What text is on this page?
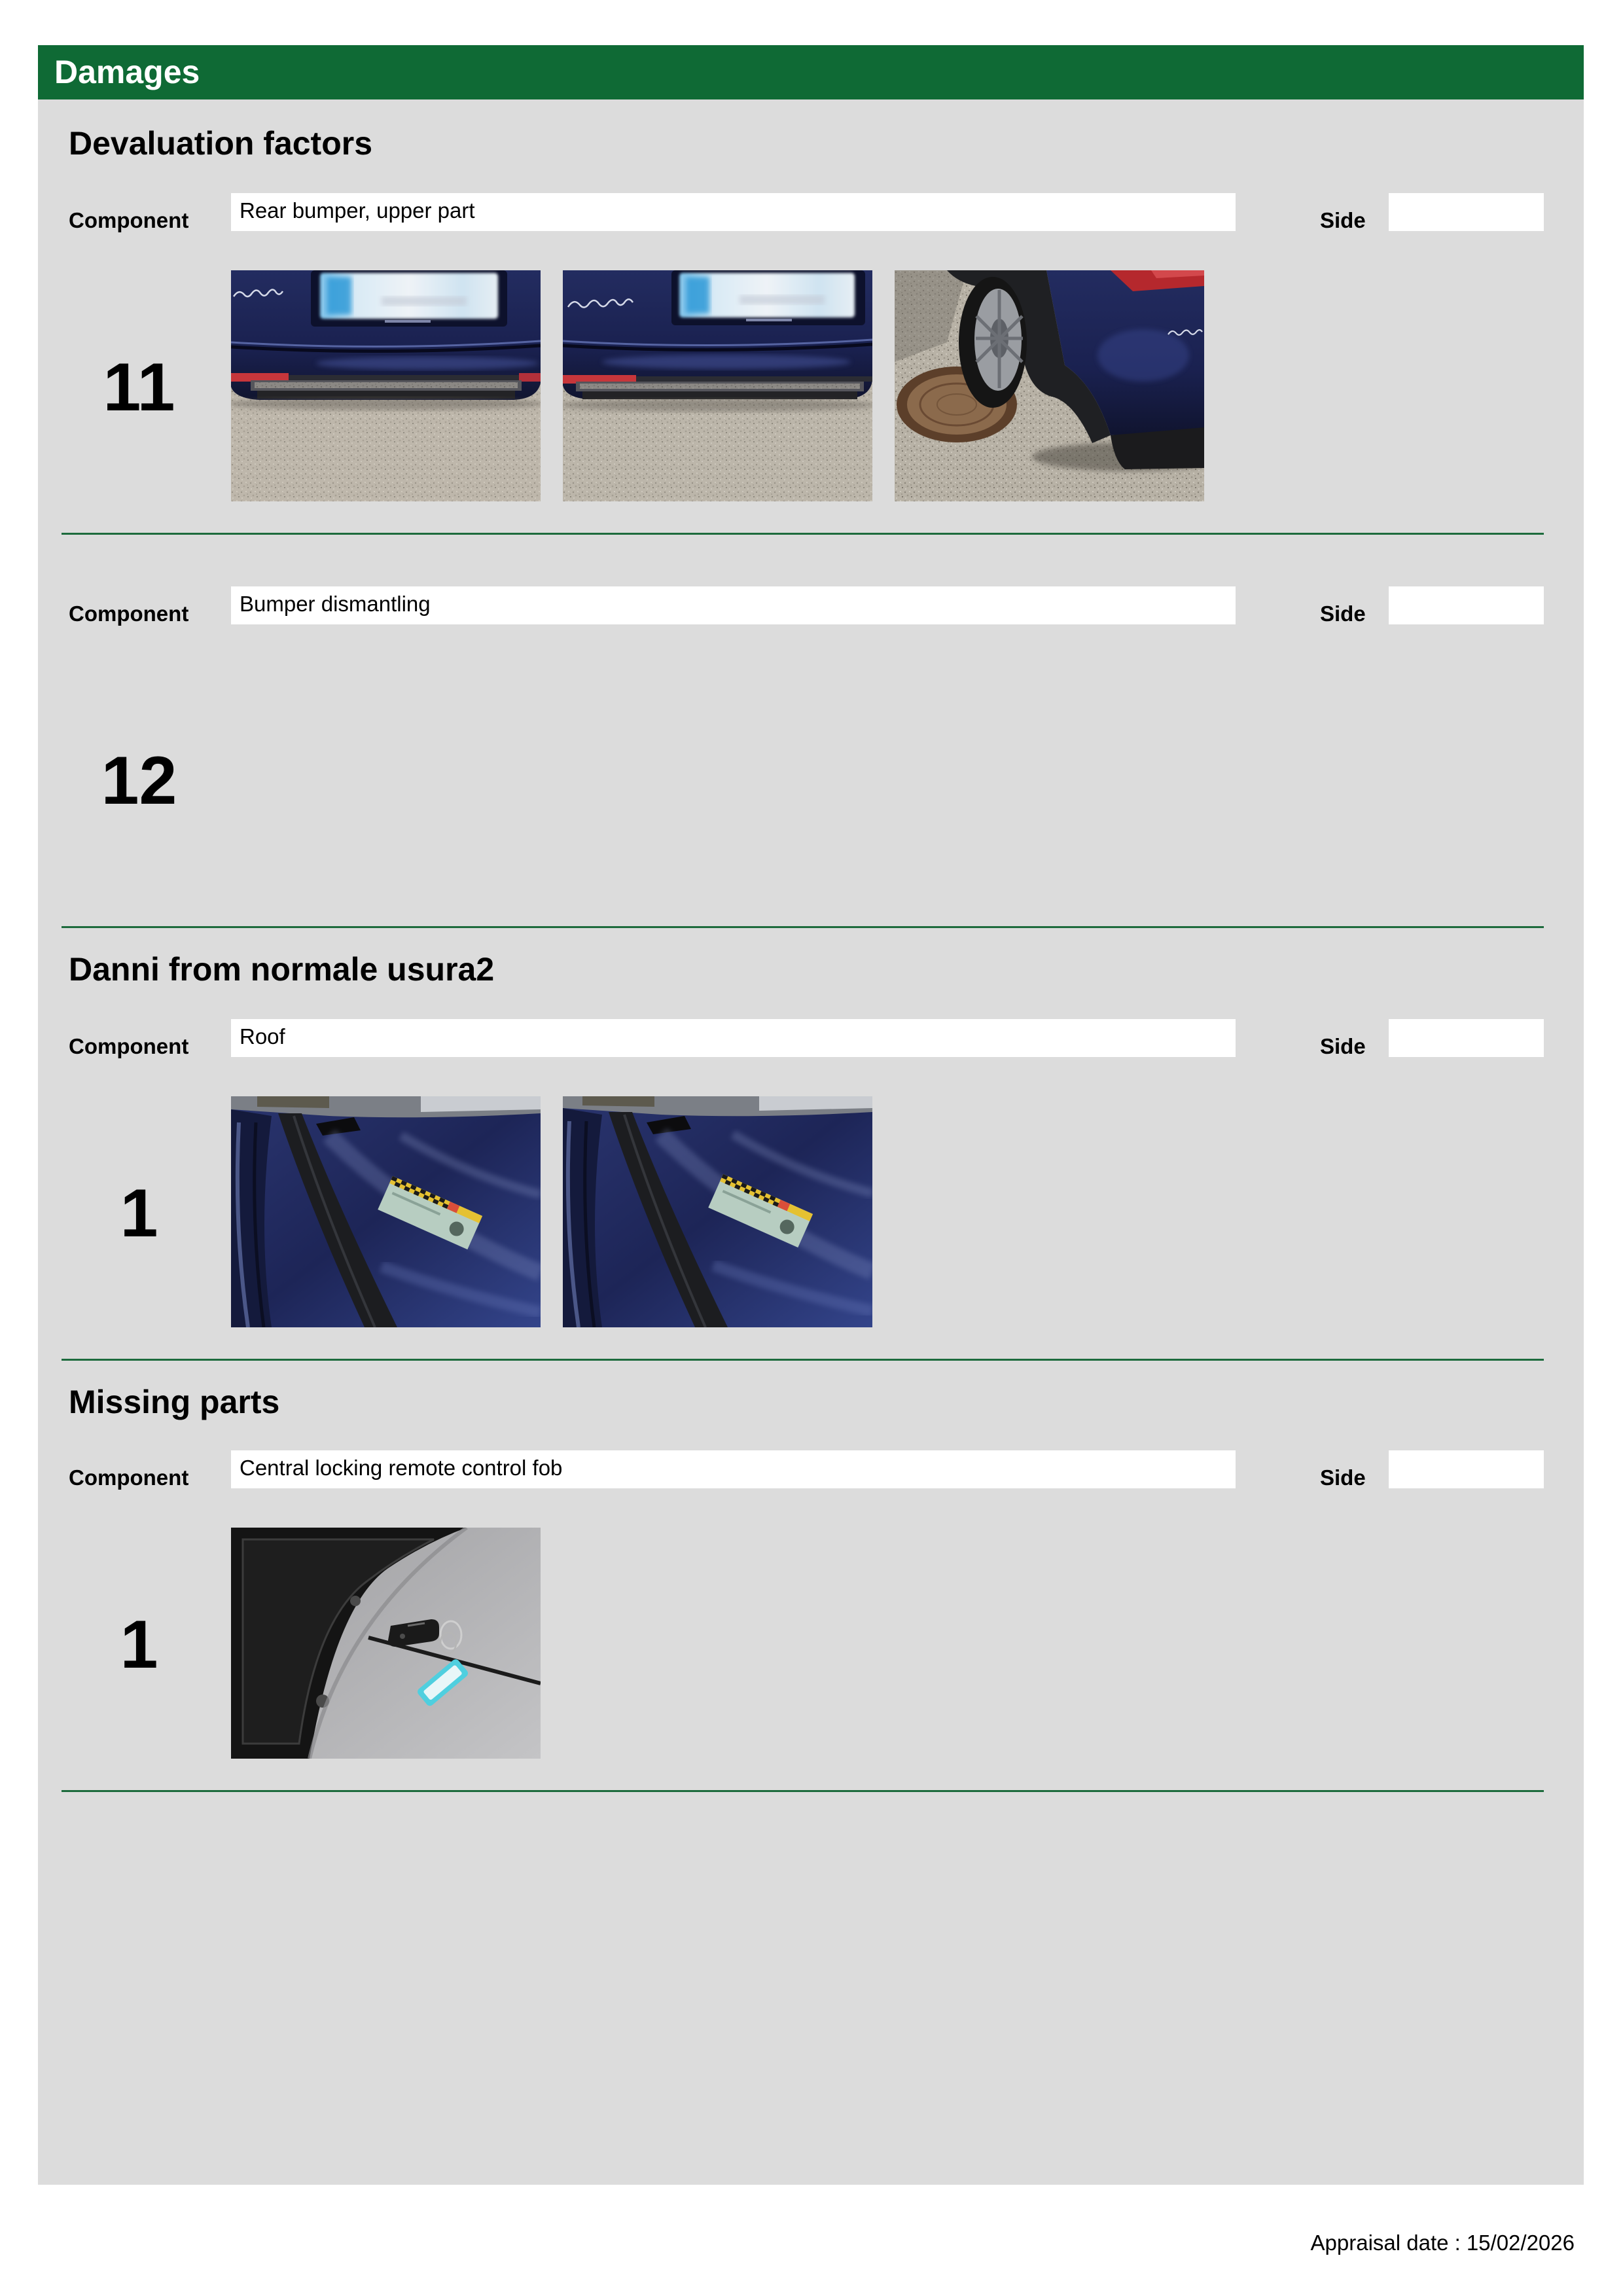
Damages
Devaluation factors
Component	Rear bumper, upper part	Side
11
Component	Bumper dismantling	Side
12
Danni from normale usura2
Component	Roof	Side
1
Missing parts
Component	Central locking remote control fob	Side
1
Appraisal date : 15/02/2026
